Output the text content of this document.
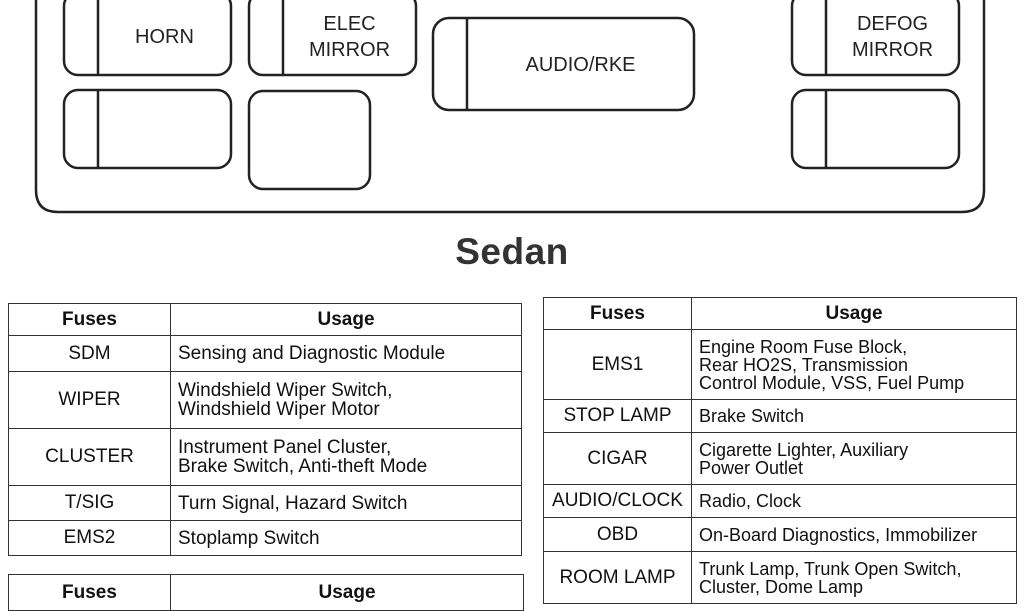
HORN
ELEC
MIRROR
AUDIO/RKE
DEFOG
MIRROR
Sedan
Fuses	Usage
SDM	Sensing and Diagnostic Module

WIPER	Windshield Wiper Switch,
Windshield Wiper Motor

CLUSTER	Instrument Panel Cluster,
Brake Switch, Anti-theft Mode

T/SIG	Turn Signal, Hazard Switch

EMS2	Stoplamp Switch
Fuses	Usage
Fuses	Usage
EMS1	Engine Room Fuse Block,
Rear HO2S, Transmission
Control Module, VSS, Fuel Pump

STOP LAMP	Brake Switch

CIGAR	Cigarette Lighter, Auxiliary
Power Outlet

AUDIO/CLOCK	Radio, Clock

OBD	On-Board Diagnostics, Immobilizer

ROOM LAMP	Trunk Lamp, Trunk Open Switch,
Cluster, Dome Lamp
